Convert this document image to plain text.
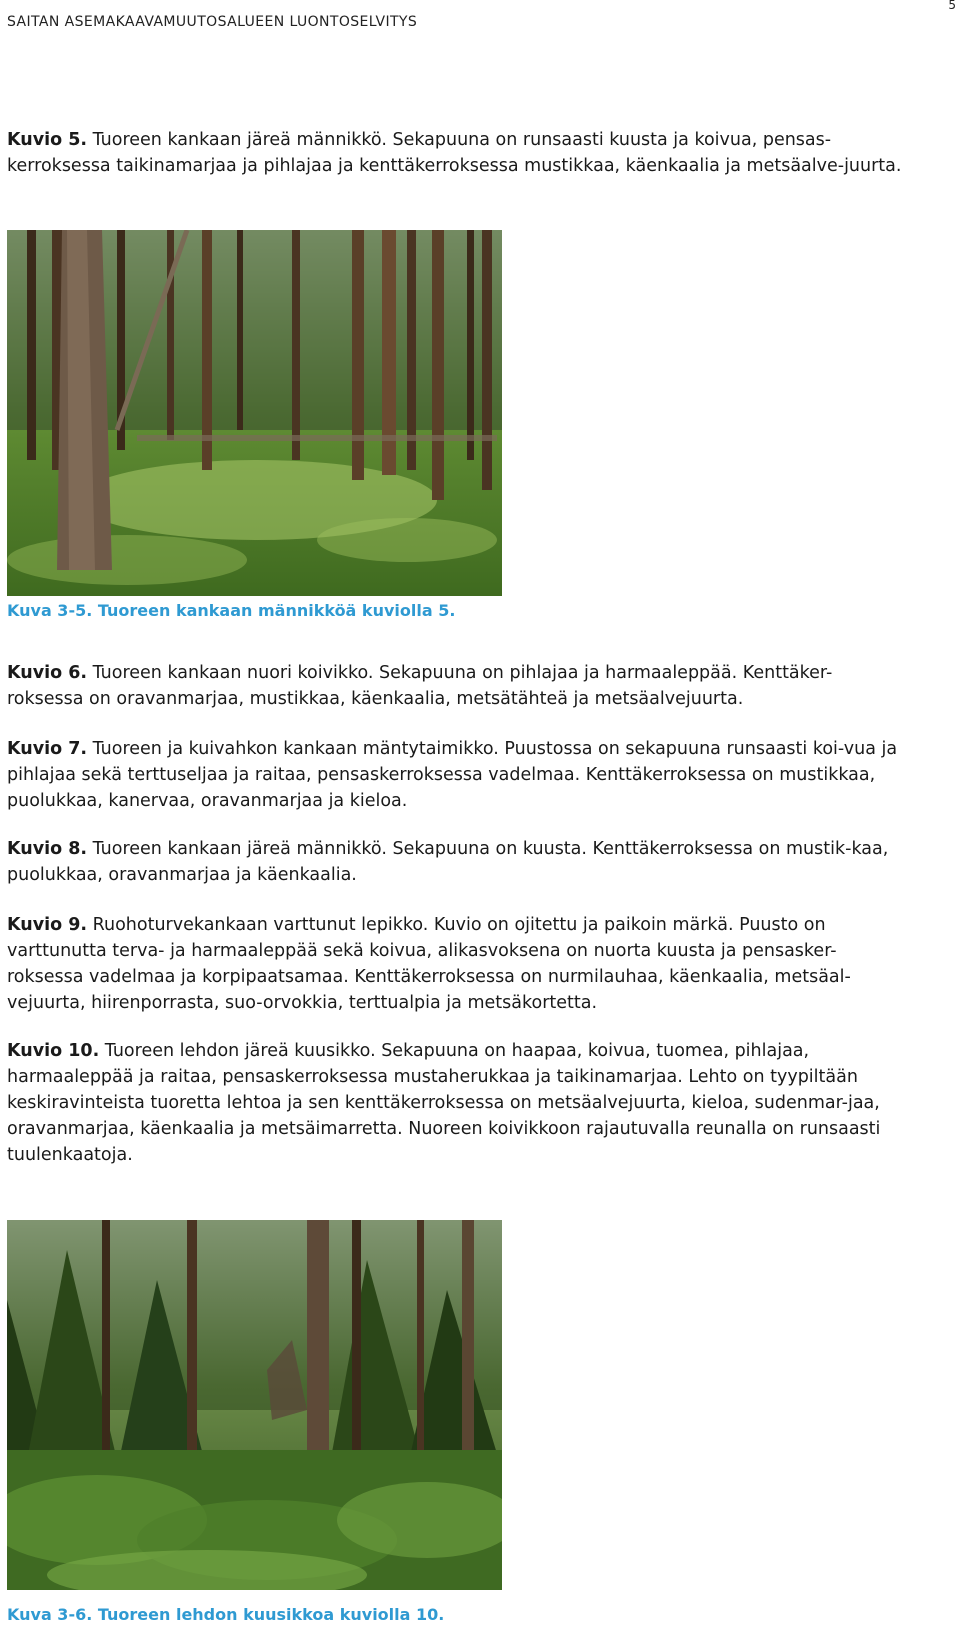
SAITAN ASEMAKAAVAMUUTOSALUEEN LUONTOSELVITYS
5
Kuvio 5. Tuoreen kankaan järeä männikkö. Sekapuuna on runsaasti kuusta ja koivua, pensas-kerroksessa taikinamarjaa ja pihlajaa ja kenttäkerroksessa mustikkaa, käenkaalia ja metsäalve-juurta.
Kuva 3-5. Tuoreen kankaan männikköä kuviolla 5.
Kuvio 6. Tuoreen kankaan nuori koivikko. Sekapuuna on pihlajaa ja harmaaleppää. Kenttäker-roksessa on oravanmarjaa, mustikkaa, käenkaalia, metsätähteä ja metsäalvejuurta.
Kuvio 7. Tuoreen ja kuivahkon kankaan mäntytaimikko. Puustossa on sekapuuna runsaasti koi-vua ja pihlajaa sekä terttuseljaa ja raitaa, pensaskerroksessa vadelmaa. Kenttäkerroksessa on mustikkaa, puolukkaa, kanervaa, oravanmarjaa ja kieloa.
Kuvio 8. Tuoreen kankaan järeä männikkö. Sekapuuna on kuusta. Kenttäkerroksessa on mustik-kaa, puolukkaa, oravanmarjaa ja käenkaalia.
Kuvio 9. Ruohoturvekankaan varttunut lepikko. Kuvio on ojitettu ja paikoin märkä. Puusto on varttunutta terva- ja harmaaleppää sekä koivua, alikasvoksena on nuorta kuusta ja pensasker-roksessa vadelmaa ja korpipaatsamaa. Kenttäkerroksessa on nurmilauhaa, käenkaalia, metsäal-vejuurta, hiirenporrasta, suo-orvokkia, terttualpia ja metsäkortetta.
Kuvio 10. Tuoreen lehdon järeä kuusikko. Sekapuuna on haapaa, koivua, tuomea, pihlajaa, harmaaleppää ja raitaa, pensaskerroksessa mustaherukkaa ja taikinamarjaa. Lehto on tyypiltään keskiravinteista tuoretta lehtoa ja sen kenttäkerroksessa on metsäalvejuurta, kieloa, sudenmar-jaa, oravanmarjaa, käenkaalia ja metsäimarretta. Nuoreen koivikkoon rajautuvalla reunalla on runsaasti tuulenkaatoja.
Kuva 3-6. Tuoreen lehdon kuusikkoa kuviolla 10.
